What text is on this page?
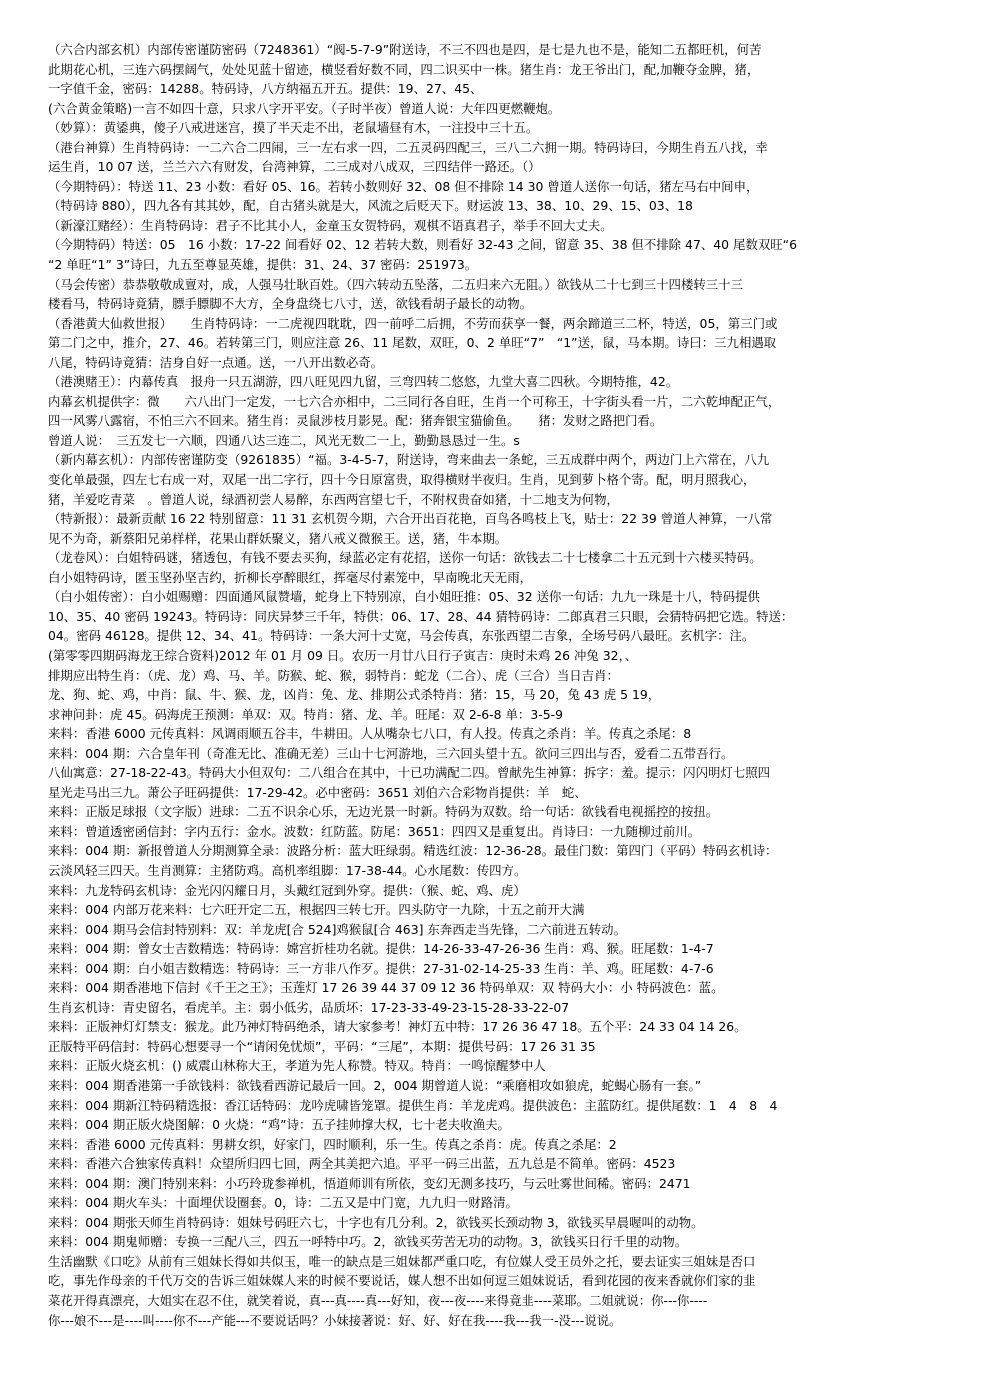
（六合内部玄机）内部传密谨防密码（7248361）“阀-5-7-9”附送诗，不三不四也是四，是七是九也不是，能知二五都旺机，何苦

此期花心机，三连六码摆阔气，处处见蓝十留迹，横竖看好数不同，四二识买中一株。猪生肖：龙王爷出门，配,加鞭夺金脾，猪，

一字值千金，密码：14288。特码诗，八方纳福五开五。提供：19、27、45、

(六合黄金策略)一言不如四十意，只求八字开平安。（子时半夜）曾道人说：大年四更燃鞭炮。

（妙算）：黄鋈典，傻子八戒进迷宫，摸了半天走不出，老鼠墙昼有木，一注投中三十五。

（港台神算）生肖特码诗：一二六合二四闹，三一左右求一四，二五灵码四配三，三八二六拥一期。特码诗曰，今期生肖五八找，幸

运生肖，10 07 送，兰兰六六有财发，台湾神算，二三成对八成双，三四结伴一路还。（）

（今期特码）：特送 11、23 小数：看好 05、16。若转小数则好 32、08 但不排除 14 30 曾道人送你一句话，猪左马右中间申，

（特码诗 880），四九各有其其妙，配，自古猪头就是大，风流之后贬天下。财运波 13、38、10、29、15、03、18

（新濠江赌经）：生肖特码诗：君子不比其小人，金童玉女贺特码，观棋不语真君子，举手不回大丈夫。

（今期特码）特送：05　16 小数：17-22 间看好 02、12 若转大数，则看好 32-43 之间，留意 35、38 但不排除 47、40 尾数双旺“6

“2 单旺“1” 3”诗曰，九五至尊显英雄，提供：31、24、37 密码：251973。

（马会传密）恭恭敬敬成亶对，成，人强马壮耿百姓。（四六转动五坠落，二五归来六无阻。）欲钱从二十七到三十四楼转三十三

楼看马，特码诗竟猜，膘手膘脚不大方，全身盘绕七八寸，送，欲钱看胡子最长的动物。

（香港黄大仙救世报）　　生肖特码诗：一二虎视四耽耽，四一前呼二后拥，不劳而获享一餐，两余蹄道三二杯，特送，05，第三门或

第二门之中，推介，27、46。若转第三门，则应注意 26、11 尾数，双旺，0、2 单旺“7”　“1”送，鼠，马本期。诗曰：三九相遇取

八尾，特码诗竟猜：洁身自好一点通。送，一八开出数必奇。

（港澳赌王）：内幕传真　报舟一只五湖游，四八旺见四九留，三弯四转二悠悠，九堂大喜二四秋。今期特推，42。

内幕玄机提供字：微　　六八出门一定发，一七六合亦相中，二三同行各自旺，生肖一个可称王，十字街头看一片，二六乾坤配正气，

四一风雾八露宿，不怕三六不回来。猪生肖：灵鼠涉枝月影晃。配：猪奔银宝猫偷鱼。　　猪：发财之路把门看。

曾道人说：　三五发七一六顺，四通八达三连二，风光无数二一上，勤勤恳恳过一生。s

（新内幕玄机）：内部传密谨防变（9261835）“福。3-4-5-7，附送诗，弯来曲去一条蛇，三五成群中两个，两边门上六常在，八九

变化单最强，四左七右成一对，双尾一出二字行，四十今日原富贵，取得横财半夜归。生肖，见到萝卜格个寄。配，明月照我心，

猪，羊爱吃青菜　。曾道人说，绿酒初尝人易醉，东西两宫望七千，不附权贵奋如猪，十二地支为何物，

（特新报）：最新贡献 16 22 特别留意：11 31 玄机贺今期，六合开出百花艳，百鸟各鸣枝上飞，贴士：22 39 曾道人神算，一八常

见不为奇，新蔡阳兄弟样样，花果山群妖聚义，猪八戒义微猴王。送，猪，牛本期。

（龙卷风）：白姐特码谜，猪透包，有钱不要去买狗，绿蓝必定有花招，送你一句话：欲钱去二十七楼拿二十五元到十六楼买特码。

白小姐特码诗，匿玉坚孙坚吉约，折柳长亭醉眼红，挥毫尽付素笼中，早南晚北天无雨，

（白小姐传密）：白小姐赐赠：四面通风鼠赞墙，蛇身上下特别凉，白小姐旺推：05、32 送你一句话：九九一珠是十八，特码提供

10、35、40 密码 19243。特码诗：同庆异梦三千年，特供：06、17、28、44 猜特码诗：二郎真君三只眼，会猜特码把它选。特送：

04。密码 46128。提供 12、34、41。特码诗：一条大河十丈宽，马会传真，东张西望二吉象，全场号码八最旺。玄机字：注。

(第零零四期码海龙王综合资料)2012 年 01 月 09 日。农历一月廿八日行子寅吉：庚时未鸡 26 冲兔 32，、

排期应出特生肖：（虎、龙）鸡、马、羊。防猴、蛇、猴，弱特肖：蛇龙（二合）、虎（三合）当日吉肖：

龙、狗、蛇、鸡，中肖：鼠、牛、猴、龙，凶肖：兔、龙、排期公式杀特肖：猪：15，马 20，兔 43 虎 5 19，

求神问卦：虎 45。码海虎王预测：单双：双。特肖：猪、龙、羊。旺尾：双 2-6-8 单：3-5-9

来料：香港 6000 元传真料：风调雨顺五谷丰，牛耕田。人从嘴杂七八口，有人投。传真之杀肖：羊。传真之杀尾：8

来料：004 期：六合皇年刊（奇准无比、准确无差）三山十七河游地，三六回头望十五。欲问三四出与否，爱看二五带吾行。

八仙寓意：27-18-22-43。特码大小但双句：二八组合在其中，十已功满配二四。曾献先生神算：拆字：羞。提示：闪闪明灯七照四

星光走马出三九。萧公子旺码提供：17-29-42。必中密码：3651 刘伯六合彩物肖提供：羊　蛇、

来料：正版足球报（文字版）进球：二五不识余心乐，无边光景一时新。特码为双数。给一句话：欲钱看电视摇控的按扭。

来料：曾道透密函信封：字内五行：金水。波数：红防蓝。防尾：3651：四四又是重复出。肖诗曰：一九随柳过前川。

来料：004 期：新报曾道人分期测算全录：波路分析：蓝大旺绿弱。精选红波：12-36-28。最佳门数：第四门（平码）特码玄机诗：

云淡风轻三四天。生肖测算：主猪防鸡。高机率组脚：17-38-44。心水尾数：传四方。

来料：九龙特码玄机诗：金光闪闪耀日月，头戴红冠到外穿。提供：（猴、蛇、鸡、虎）

来料：004 内部万花来料：七六旺开定二五，根据四三转七开。四头防守一九除，十五之前开大满

来料：004 期马会信封特别料：双：羊龙虎[合 524]鸡猴鼠[合 463] 东奔西走当先锋，二六前进五转动。

来料：004 期：曾女士吉数精选：特码诗：嫦宫折桂功名就。提供：14-26-33-47-26-36 生肖：鸡、猴。旺尾数：1-4-7

来料：004 期：白小姐吉数精选：特码诗：三一方非八作歹。提供：27-31-02-14-25-33 生肖：羊、鸡。旺尾数：4-7-6

来料：004 期香港地下信封《千王之王》；玉莲灯 17 26 39 44 37 09 12 36 特码单双：双 特码大小：小 特码波色：蓝。

生肖玄机诗：青史留名，看虎羊。主：弱小低劣，品质坏：17-23-33-49-23-15-28-33-22-07

来料：正版神灯灯禁支：猴龙。此乃神灯特码绝杀，请大家参考！神灯五中特：17 26 36 47 18。五个平：24 33 04 14 26。

正版特平码信封：特码心想要寻一个“请闲免忧烦”，平码：“三尾”，本期：提供号码：17 26 31 35

来料：正版火烧玄机：() 威震山林称大王，孝道为先人称赞。特双。特肖：一鸣惊醒梦中人

来料：004 期香港第一手欲钱料：欲钱看西游记最后一回。2，004 期曾道人说：“乘磨相攻如狼虎，蛇蝎心肠有一套。”

来料：004 期新江特码精选报：香江话特码：龙吟虎啸皆笼罩。提供生肖：羊龙虎鸡。提供波色：主蓝防红。提供尾数：1　4　8　4

来料：004 期正版火烧图解：0 火烧：“鸡”诗：五子挂帅撑大权，七十老夫收渔夫。

来料：香港 6000 元传真料：男耕女织，好家门，四时顺利，乐一生。传真之杀肖：虎。传真之杀尾：2

来料：香港六合独家传真料！众望所归四七回，两全其美把六追。平平一码三出蓝，五九总是不简单。密码：4523

来料：004 期：澳门特别来料：小巧玲珑参禅机，悟道师训有所依，变幻无测多技巧，与云吐雾世间稀。密码：2471

来料：004 期火车头：十面埋伏设圈套。0，诗：二五又是中门宽，九九归一财路清。

来料：004 期张天师生肖特码诗：姐妹号码旺六七，十字也有几分利。2，欲钱买长颈动物 3，欲钱买早晨喔叫的动物。

来料：004 期鬼师赠：专换一三配八三，四五一呼特中巧。2，欲钱买劳苦无功的动物。3，欲钱买日行千里的动物。

生活幽默《口吃》从前有三姐妹长得如共似玉，唯一的缺点是三姐妹都严重口吃，有位媒人受王员外之托，要去证实三姐妹是否口

吃，事先作母亲的千代万交的告诉三姐妹媒人来的时候不要说话，媒人想不出如何逗三姐妹说话，看到花园的夜来香就你们家的韭

菜花开得真漂亮，大姐实在忍不住，就笑着说，真---真----真---好知，夜---夜----来得竟韭----菜耶。二姐就说：你---你----

你---娘不---是----叫----你不---产能---不要说话吗？小妹接著说：好、好、好在我----我---我一-没---说说。
